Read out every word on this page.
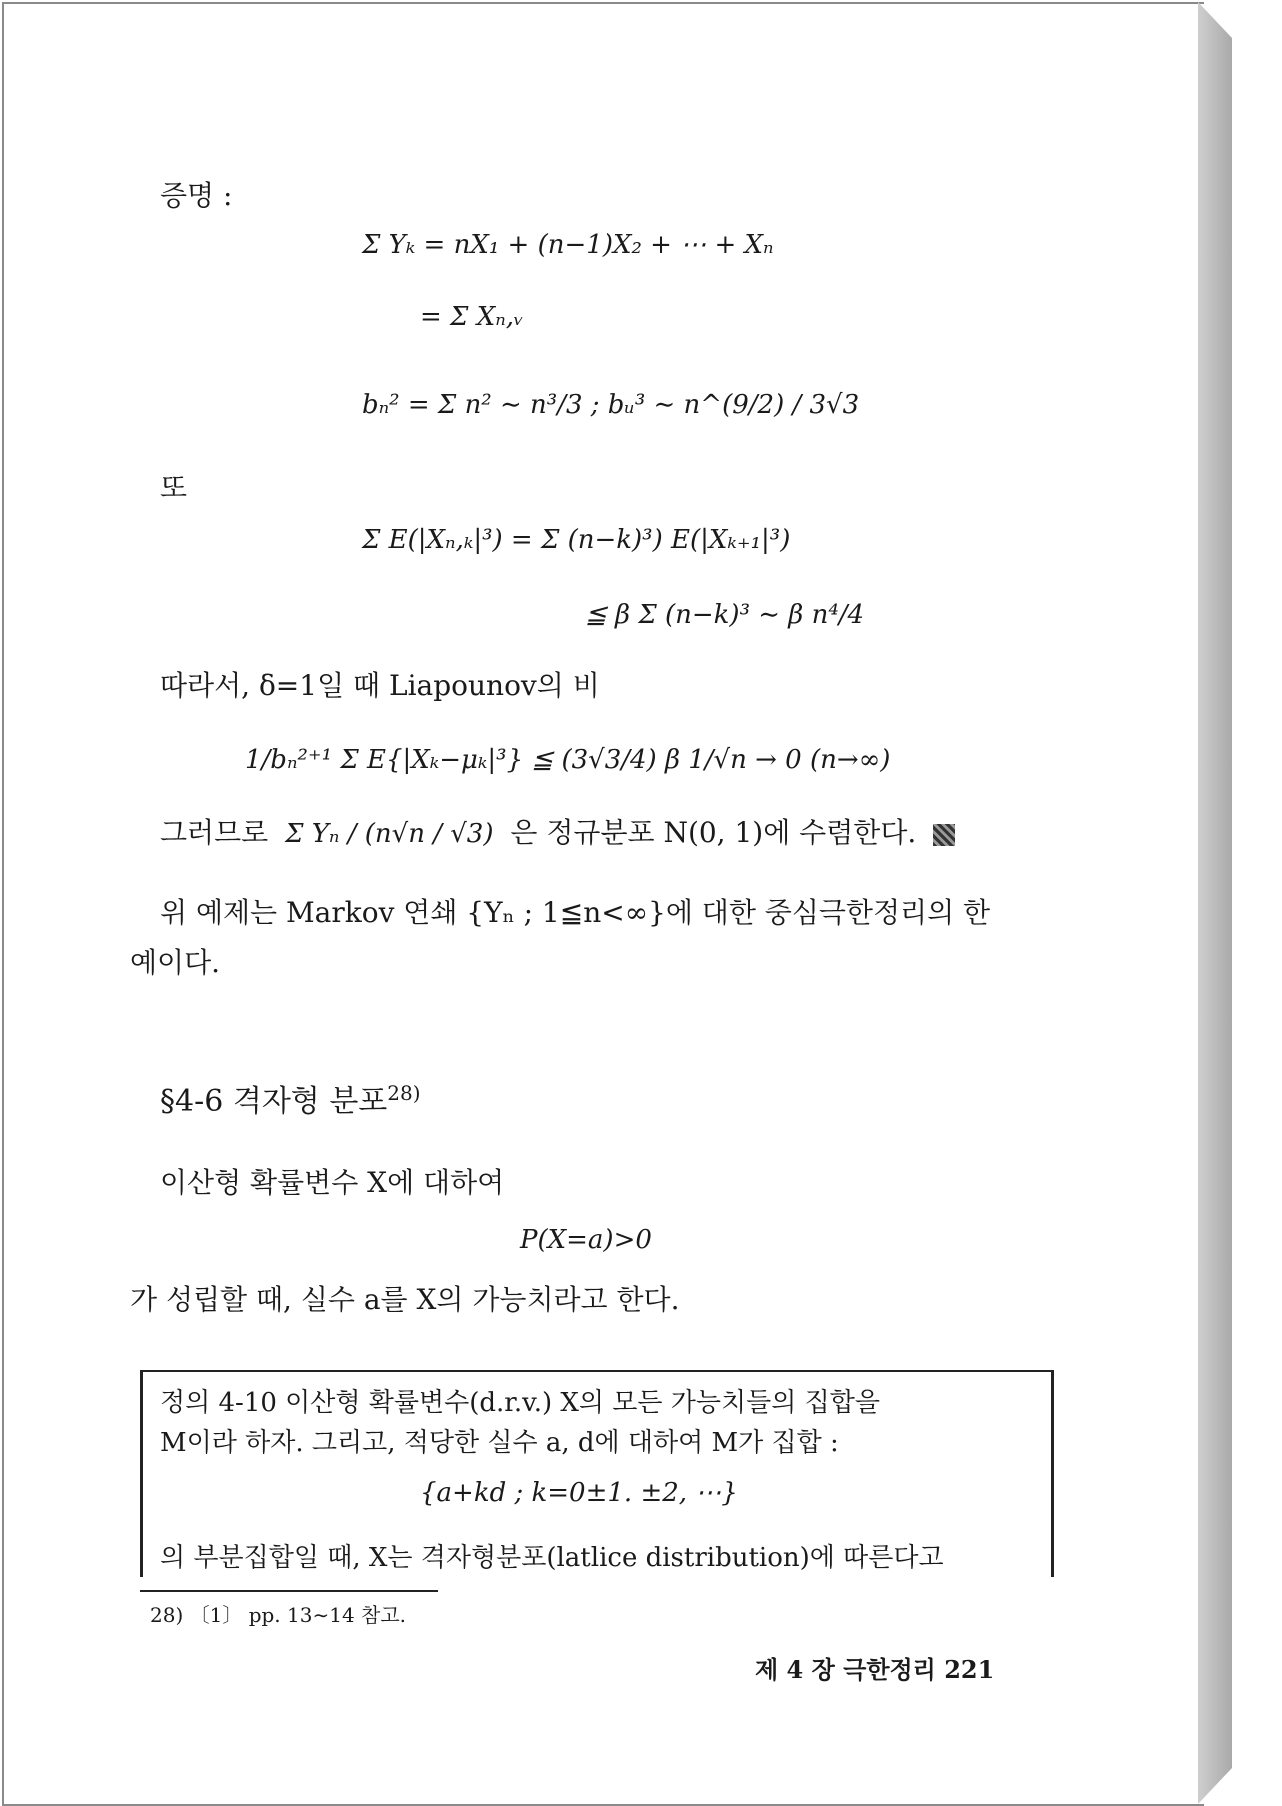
증명 :
Σ Yₖ = nX₁ + (n−1)X₂ + ⋯ + Xₙ
= Σ Xₙ,ᵥ
bₙ² = Σ n² ∼ n³/3 ; bᵤ³ ∼ n^(9/2) / 3√3
또
Σ E(|Xₙ,ₖ|³) = Σ (n−k)³) E(|Xₖ₊₁|³)
≦ β Σ (n−k)³ ∼ β n⁴/4
따라서, δ=1일 때 Liapounov의 비
1/bₙ²⁺¹ Σ E{|Xₖ−μₖ|³} ≦ (3√3/4) β 1/√n → 0 (n→∞)
그러므로 Σ Yₙ / (n√n / √3) 은 정규분포 N(0, 1)에 수렴한다.
위 예제는 Markov 연쇄 {Yₙ ; 1≦n<∞}에 대한 중심극한정리의 한
예이다.
§4-6 격자형 분포$^{28)}$
이산형 확률변수 X에 대하여
P(X=a)>0
가 성립할 때, 실수 a를 X의 가능치라고 한다.
정의 4-10 이산형 확률변수(d.r.v.) X의 모든 가능치들의 집합을
M이라 하자. 그리고, 적당한 실수 a, d에 대하여 M가 집합 :
{a+kd ; k=0±1. ±2, ⋯}
의 부분집합일 때, X는 격자형분포(latlice distribution)에 따른다고
28) 〔1〕 pp. 13∼14 참고.
제 4 장 극한정리 221
